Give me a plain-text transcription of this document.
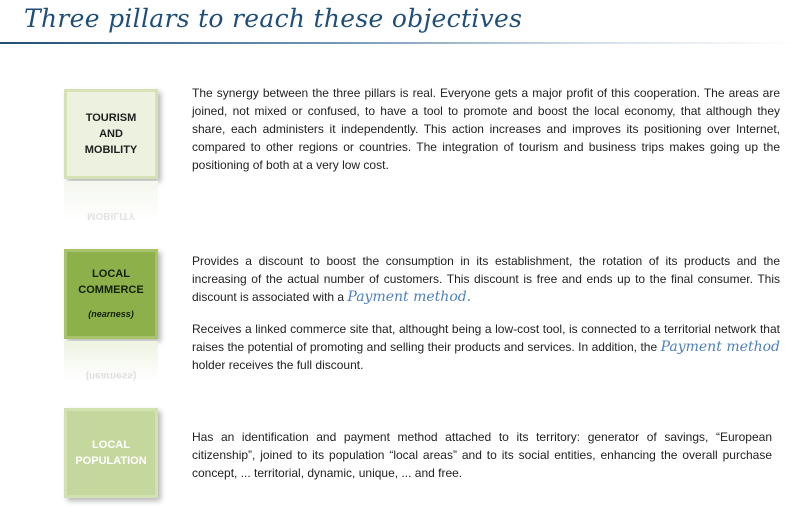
Three pillars to reach these objectives
TOURISM
AND
MOBILITY
MOBILITY
The synergy between the three pillars is real. Everyone gets a major profit of this cooperation. The areas are joined, not mixed or confused, to have a tool to promote and boost the local economy, that although they share, each administers it independently. This action increases and improves its positioning over Internet, compared to other regions or countries. The integration of tourism and business trips makes going up the positioning of both at a very low cost.
LOCAL
COMMERCE
(nearness)
(nearness)
Provides a discount to boost the consumption in its establishment, the rotation of its products and the increasing of the actual number of customers. This discount is free and ends up to the final consumer. This discount is associated with a Payment method.
Receives a linked commerce site that, althought being a low-cost tool, is connected to a territorial network that raises the potential of promoting and selling their products and services. In addition, the Payment method holder receives the full discount.
LOCAL
POPULATION
Has an identification and payment method attached to its territory: generator of savings, “European citizenship”, joined to its population “local areas” and to its social entities, enhancing the overall purchase concept, ... territorial, dynamic, unique, ... and free.
